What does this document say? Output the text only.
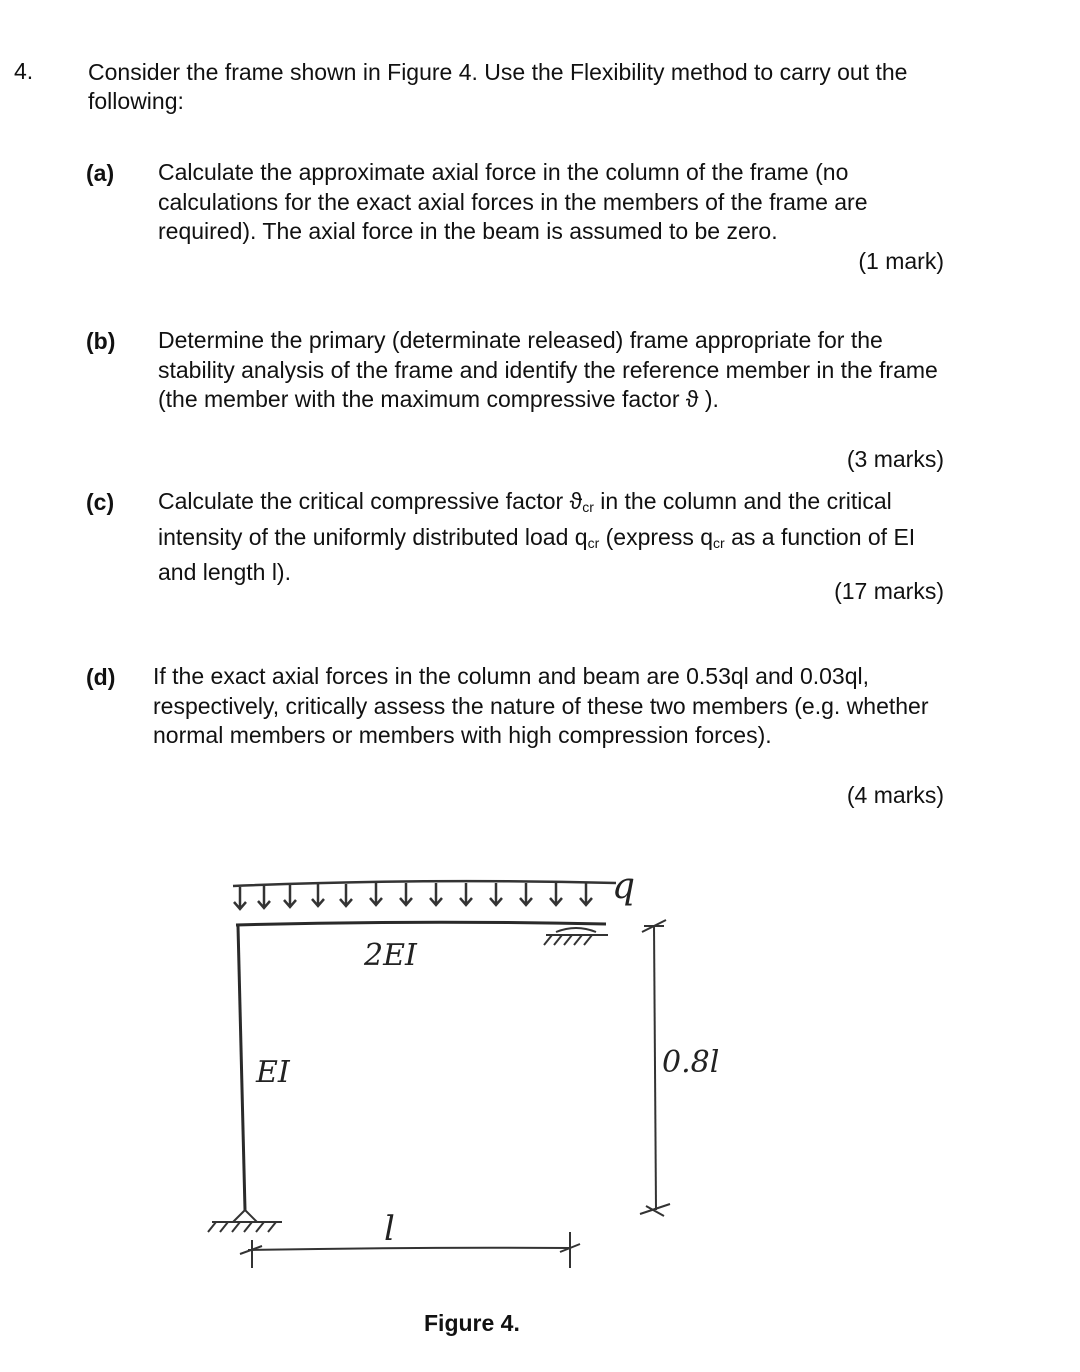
4. Consider the frame shown in Figure 4. Use the Flexibility method to carry out the following:
(a) Calculate the approximate axial force in the column of the frame (no calculations for the exact axial forces in the members of the frame are required). The axial force in the beam is assumed to be zero.
(1 mark)
(b) Determine the primary (determinate released) frame appropriate for the stability analysis of the frame and identify the reference member in the frame (the member with the maximum compressive factor ϑ ).
(3 marks)
(c) Calculate the critical compressive factor $ϑ_{cr}$ in the column and the critical intensity of the uniformly distributed load $q_{cr}$ (express $q_{cr}$ as a function of EI and length l).
(17 marks)
(d) If the exact axial forces in the column and beam are 0.53ql and 0.03ql, respectively, critically assess the nature of these two members (e.g. whether normal members or members with high compression forces).
(4 marks)
q
2EI
EI	0.8l
l
Figure 4.
